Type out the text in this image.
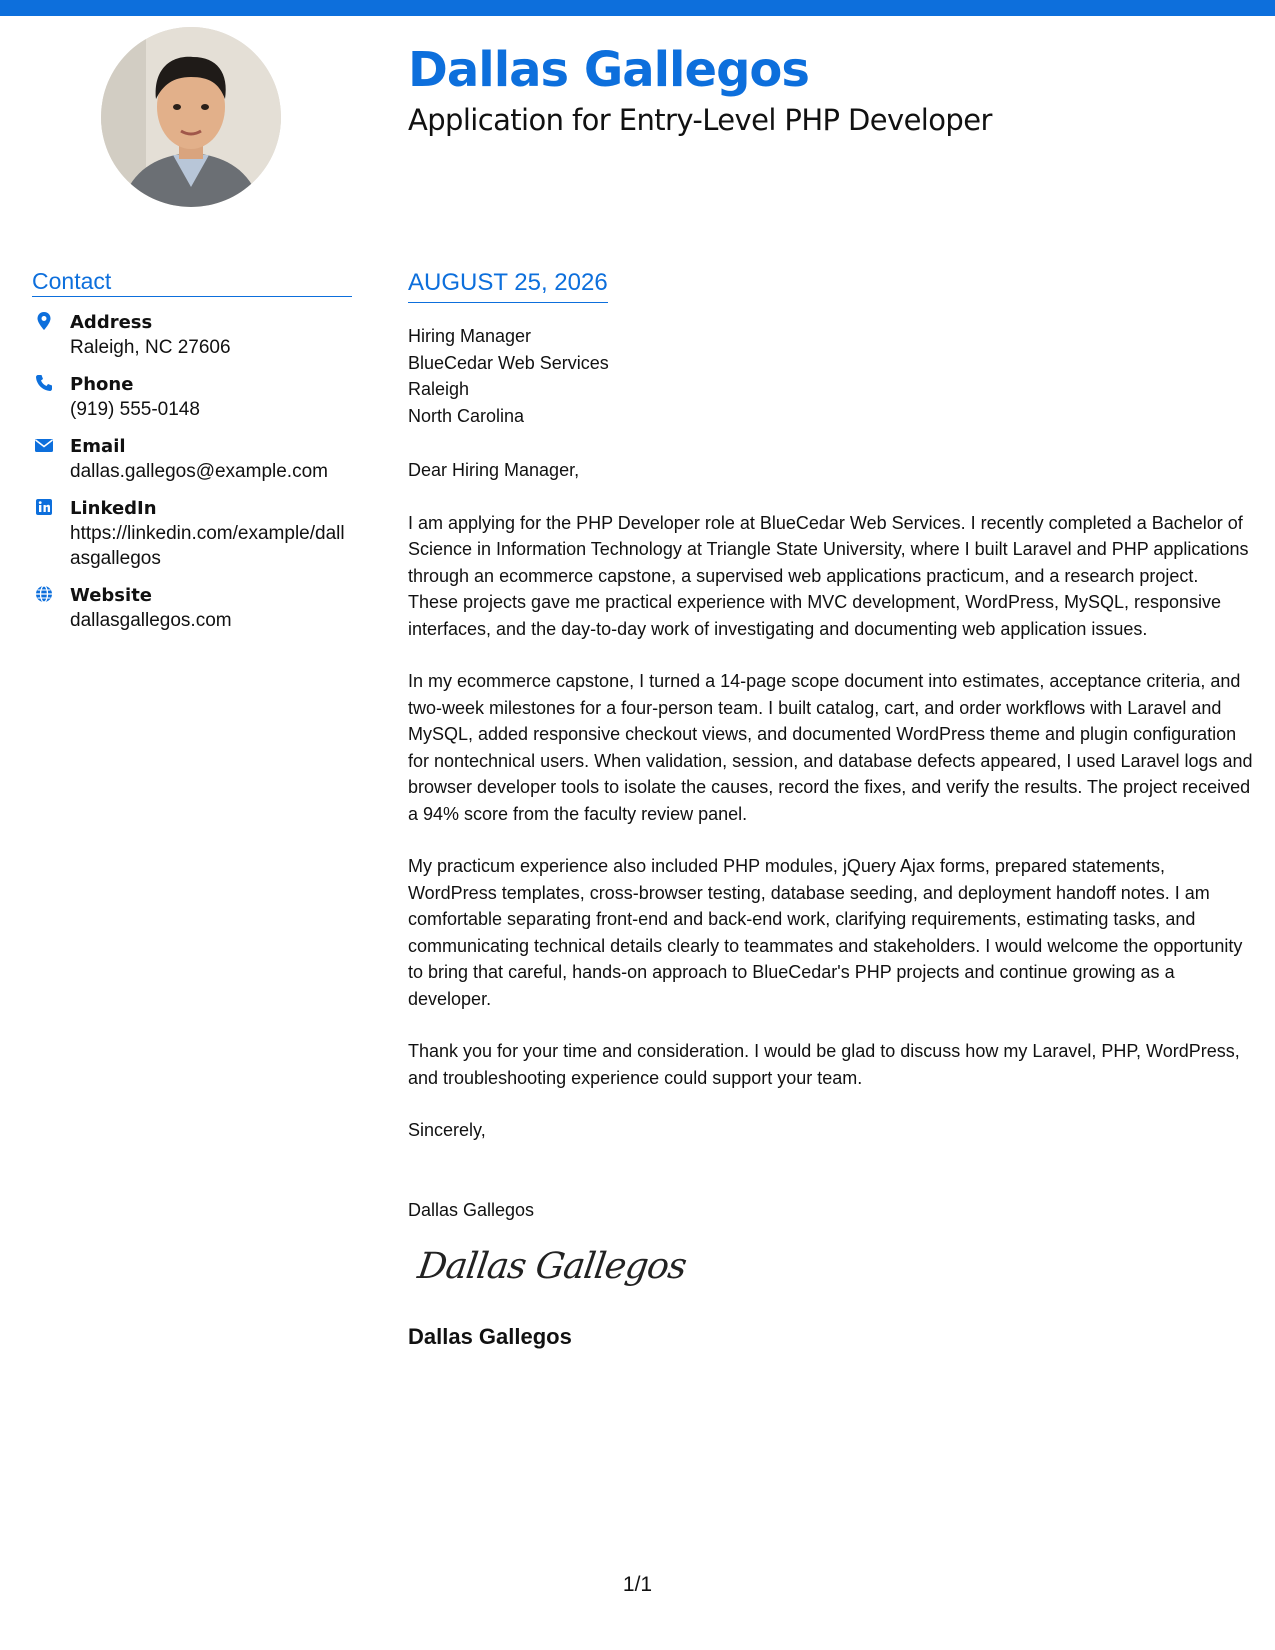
Dallas Gallegos
Application for Entry-Level PHP Developer
Contact
Address
Raleigh, NC 27606
Phone
(919) 555-0148
Email
dallas.gallegos@example.com
LinkedIn
https://linkedin.com/example/dallasgallegos
Website
dallasgallegos.com
AUGUST 25, 2026
Hiring Manager
BlueCedar Web Services
Raleigh
North Carolina
Dear Hiring Manager,

I am applying for the PHP Developer role at BlueCedar Web Services. I recently completed a Bachelor of Science in Information Technology at Triangle State University, where I built Laravel and PHP applications through an ecommerce capstone, a supervised web applications practicum, and a research project. These projects gave me practical experience with MVC development, WordPress, MySQL, responsive interfaces, and the day-to-day work of investigating and documenting web application issues.

In my ecommerce capstone, I turned a 14-page scope document into estimates, acceptance criteria, and two-week milestones for a four-person team. I built catalog, cart, and order workflows with Laravel and MySQL, added responsive checkout views, and documented WordPress theme and plugin configuration for nontechnical users. When validation, session, and database defects appeared, I used Laravel logs and browser developer tools to isolate the causes, record the fixes, and verify the results. The project received a 94% score from the faculty review panel.

My practicum experience also included PHP modules, jQuery Ajax forms, prepared statements, WordPress templates, cross-browser testing, database seeding, and deployment handoff notes. I am comfortable separating front-end and back-end work, clarifying requirements, estimating tasks, and communicating technical details clearly to teammates and stakeholders. I would welcome the opportunity to bring that careful, hands-on approach to BlueCedar's PHP projects and continue growing as a developer.

Thank you for your time and consideration. I would be glad to discuss how my Laravel, PHP, WordPress, and troubleshooting experience could support your team.

Sincerely,
Dallas Gallegos
Dallas Gallegos
Dallas Gallegos
1/1
